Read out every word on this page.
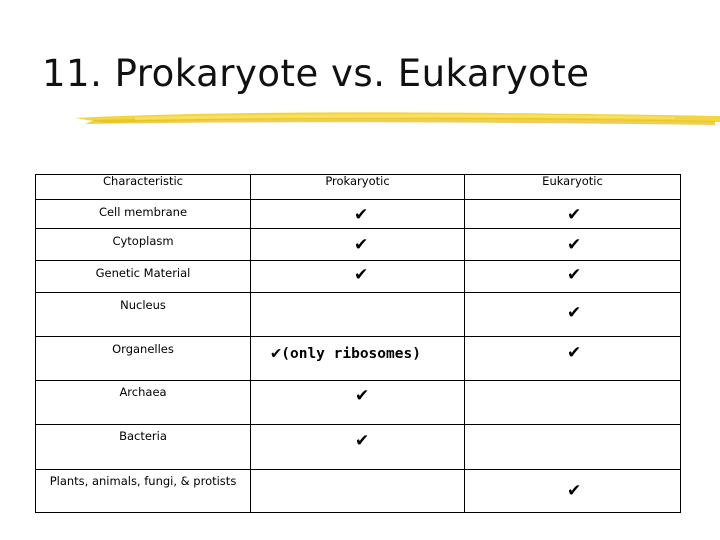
11. Prokaryote vs. Eukaryote
Characteristic	Prokaryotic	Eukaryotic

Cell membrane	✔	✔

Cytoplasm	✔	✔

Genetic Material	✔	✔

Nucleus		✔

Organelles	✔(only ribosomes)	✔

Archaea	✔	

Bacteria	✔	

Plants, animals, fungi, & protists		✔
